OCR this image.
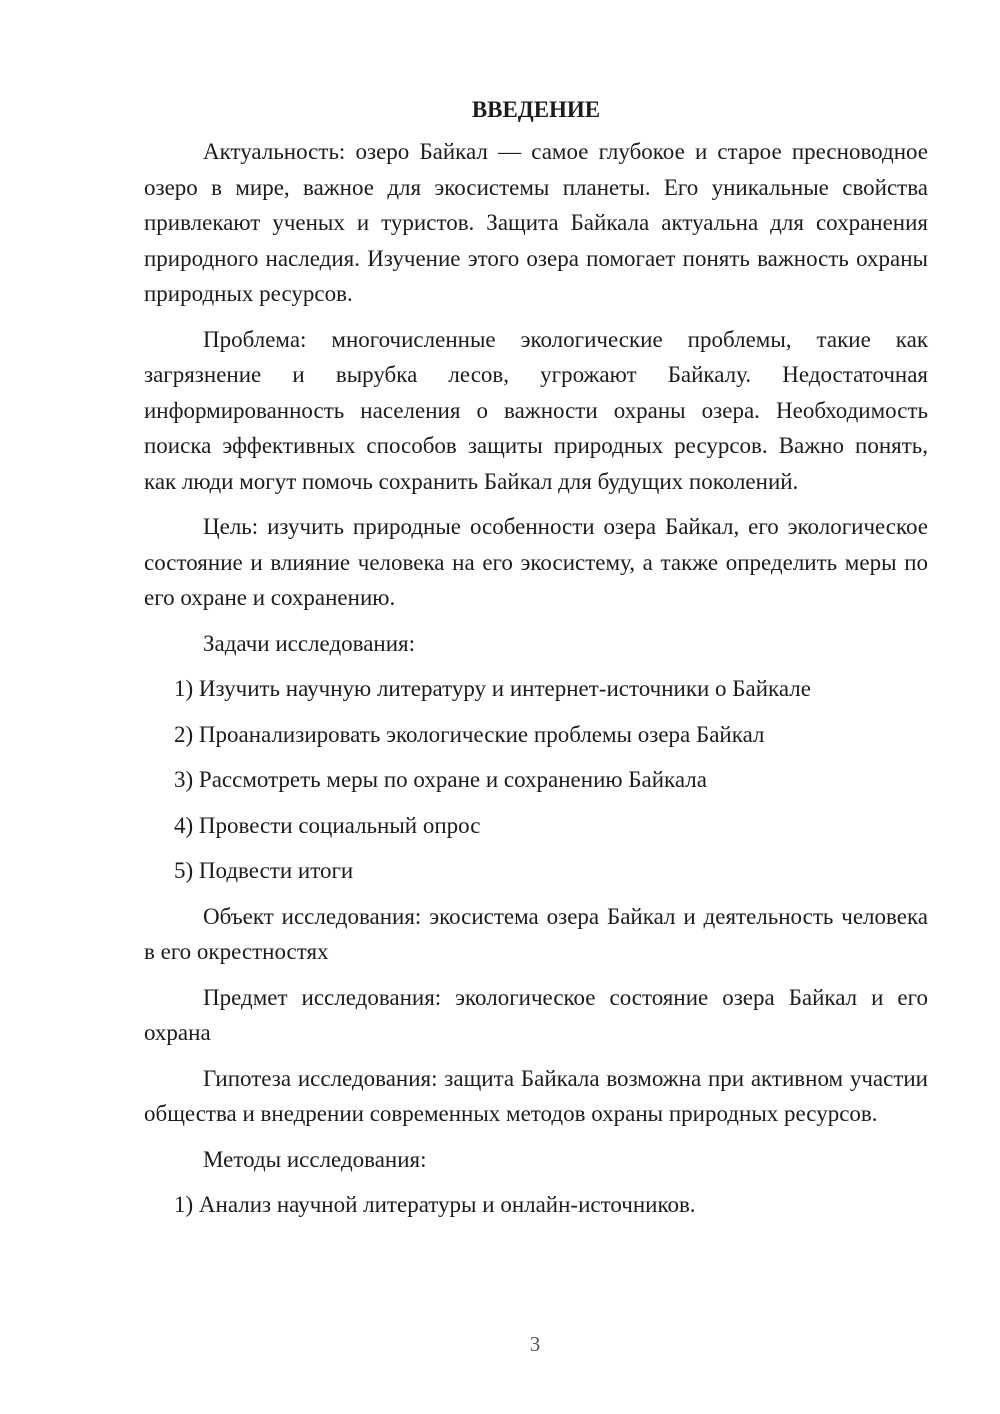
ВВЕДЕНИЕ

Актуальность: озеро Байкал — самое глубокое и старое пресноводное озеро в мире, важное для экосистемы планеты. Его уникальные свойства привлекают ученых и туристов. Защита Байкала актуальна для сохранения природного наследия. Изучение этого озера помогает понять важность охраны природных ресурсов.

Проблема: многочисленные экологические проблемы, такие как загрязнение и вырубка лесов, угрожают Байкалу. Недостаточная информированность населения о важности охраны озера. Необходимость поиска эффективных способов защиты природных ресурсов. Важно понять, как люди могут помочь сохранить Байкал для будущих поколений.

Цель: изучить природные особенности озера Байкал, его экологическое состояние и влияние человека на его экосистему, а также определить меры по его охране и сохранению.

Задачи исследования:

1) Изучить научную литературу и интернет-источники о Байкале

2) Проанализировать экологические проблемы озера Байкал

3) Рассмотреть меры по охране и сохранению Байкала

4) Провести социальный опрос

5) Подвести итоги

Объект исследования: экосистема озера Байкал и деятельность человека в его окрестностях

Предмет исследования: экологическое состояние озера Байкал и его охрана

Гипотеза исследования: защита Байкала возможна при активном участии общества и внедрении современных методов охраны природных ресурсов.

Методы исследования:

1) Анализ научной литературы и онлайн-источников.

3
